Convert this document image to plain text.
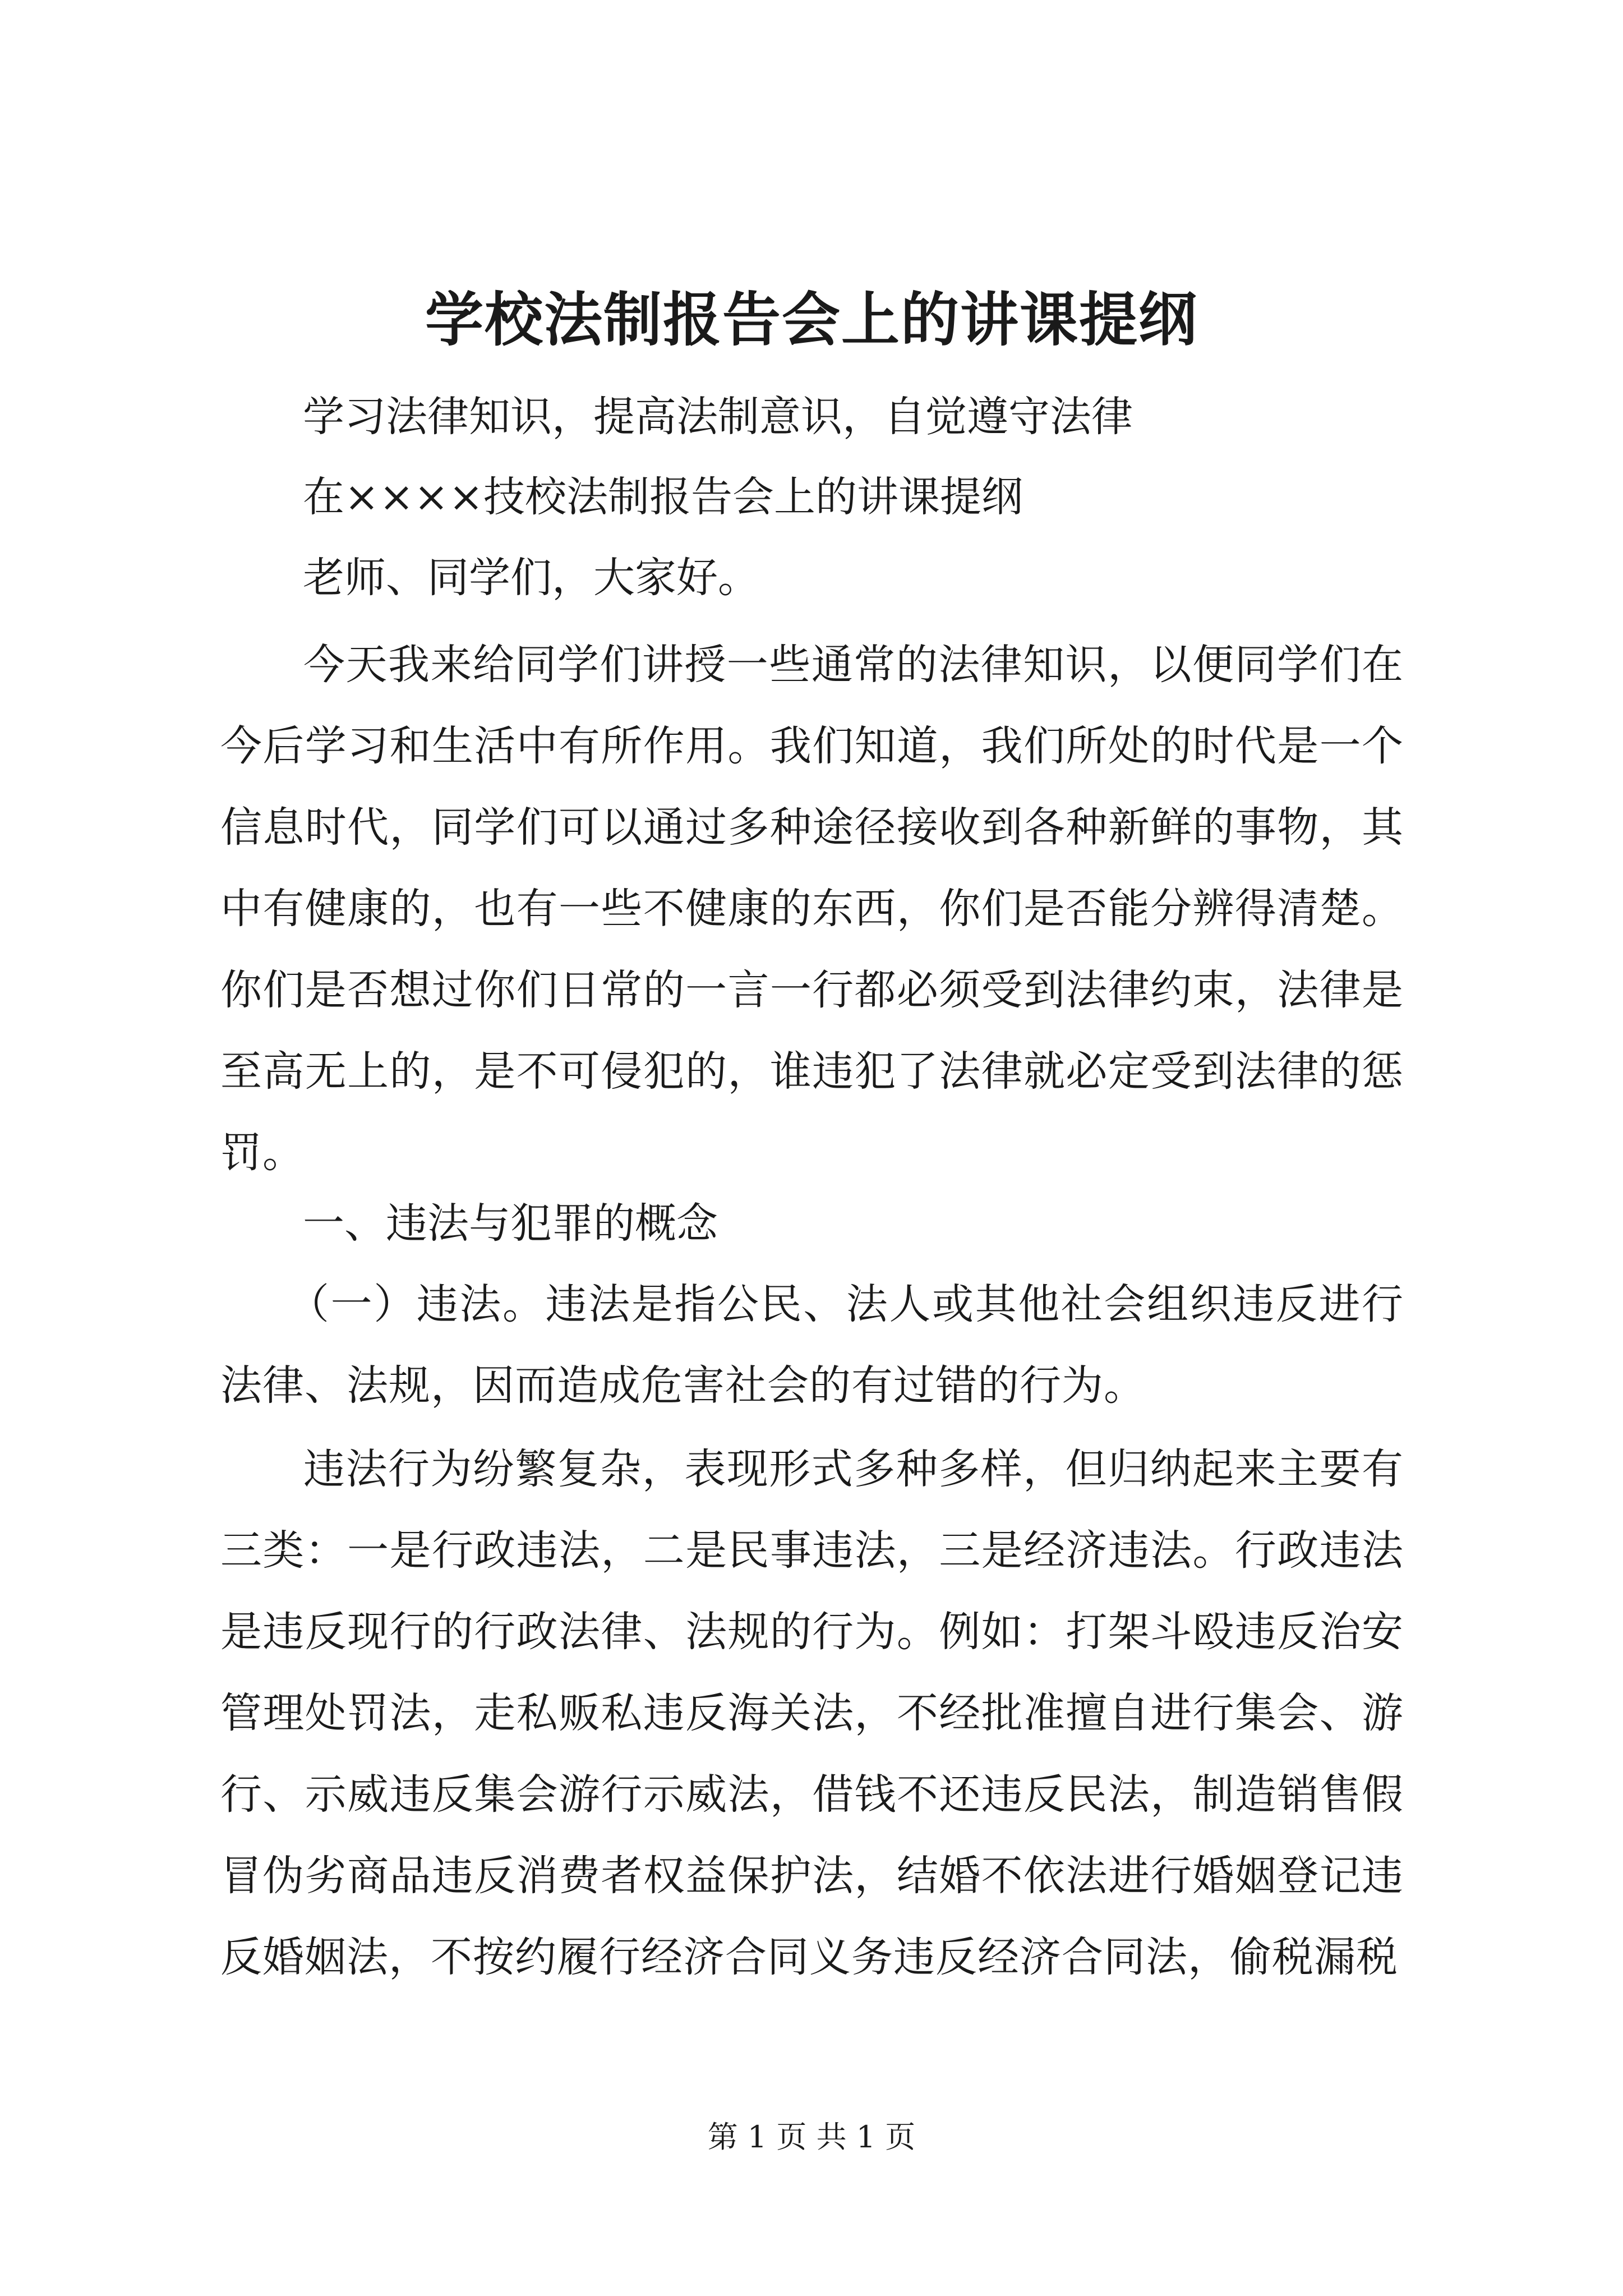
学校法制报告会上的讲课提纲
学习法律知识，提高法制意识，自觉遵守法律
在××××技校法制报告会上的讲课提纲
老师、同学们，大家好。
今天我来给同学们讲授一些通常的法律知识，以便同学们在今后学习和生活中有所作用。我们知道，我们所处的时代是一个信息时代，同学们可以通过多种途径接收到各种新鲜的事物，其中有健康的，也有一些不健康的东西，你们是否能分辨得清楚。你们是否想过你们日常的一言一行都必须受到法律约束，法律是至高无上的，是不可侵犯的，谁违犯了法律就必定受到法律的惩罚。
一、违法与犯罪的概念
（一）违法。违法是指公民、法人或其他社会组织违反进行法律、法规，因而造成危害社会的有过错的行为。
违法行为纷繁复杂，表现形式多种多样，但归纳起来主要有三类：一是行政违法，二是民事违法，三是经济违法。行政违法是违反现行的行政法律、法规的行为。例如：打架斗殴违反治安管理处罚法，走私贩私违反海关法，不经批准擅自进行集会、游行、示威违反集会游行示威法，借钱不还违反民法，制造销售假冒伪劣商品违反消费者权益保护法，结婚不依法进行婚姻登记违反婚姻法，不按约履行经济合同义务违反经济合同法，偷税漏税
第 1 页 共 1 页
